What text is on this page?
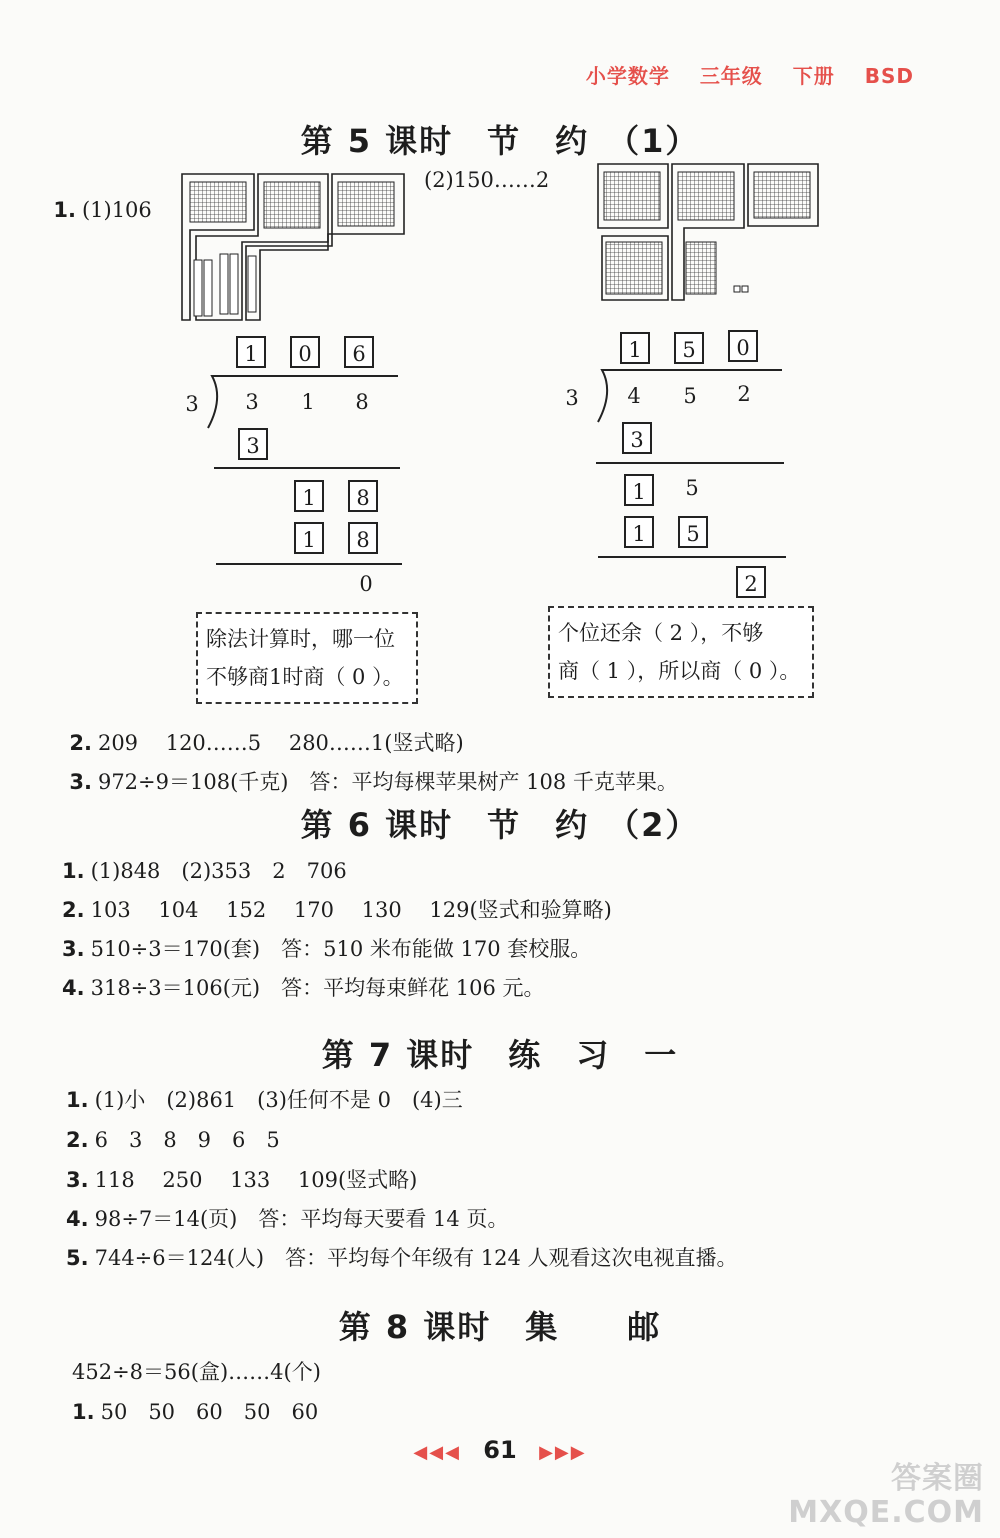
小学数学 三年级 下册 BSD
第 5 课时　节　约　（1）

1. (1)106

(2)150……2
1	0	6
3 3 1 8
3
1	8
1	8
0
1	5	0
3 4 5 2
3
1	5
1	5
2
除法计算时，哪一位
不够商1时商（ 0 ）。
个位还余（ 2 ），不够
商（ 1 ），所以商（ 0 ）。

2. 209　 120……5　 280……1(竖式略)

3. 972÷9＝108(千克)　答：平均每棵苹果树产 108 千克苹果。

第 6 课时　节　约　（2）
1. (1)848　(2)353　2　706
2. 103　 104　 152　 170　 130　 129(竖式和验算略)
3. 510÷3＝170(套)　答：510 米布能做 170 套校服。
4. 318÷3＝106(元)　答：平均每束鲜花 106 元。
第 7 课时　练　习　一
1. (1)小　(2)861　(3)任何不是 0　(4)三
2. 6　3　8　9　6　5
3. 118　 250　 133　 109(竖式略)
4. 98÷7＝14(页)　答：平均每天要看 14 页。
5. 744÷6＝124(人)　答：平均每个年级有 124 人观看这次电视直播。
第 8 课时　集　　邮
452÷8＝56(盒)……4(个)
1. 50　50　60　50　60
◀◀◀ 61 ▶▶▶
答案圈
MXQE.COM
